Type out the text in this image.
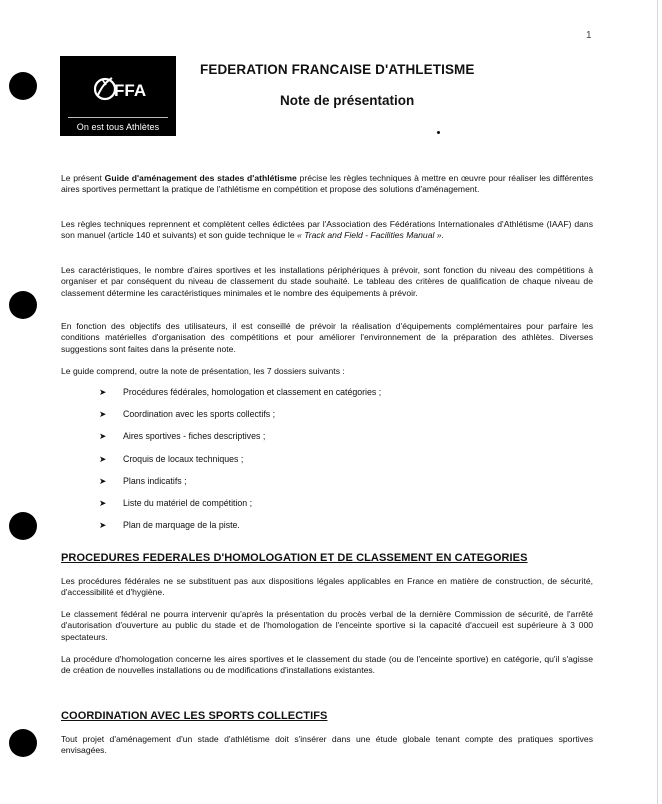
1
FFA
On est tous Athlètes
FEDERATION FRANCAISE D'ATHLETISME
Note de présentation

Le présent Guide d'aménagement des stades d'athlétisme précise les règles techniques à mettre en œuvre pour réaliser les différentes aires sportives permettant la pratique de l'athlétisme en compétition et propose des solutions d'aménagement.

Les règles techniques reprennent et complètent celles édictées par l'Association des Fédérations Internationales d'Athlétisme (IAAF) dans son manuel (article 140 et suivants) et son guide technique le « Track and Field - Facilities Manual ».

Les caractéristiques, le nombre d'aires sportives et les installations périphériques à prévoir, sont fonction du niveau des compétitions à organiser et par conséquent du niveau de classement du stade souhaité. Le tableau des critères de qualification de chaque niveau de classement détermine les caractéristiques minimales et le nombre des équipements à prévoir.

En fonction des objectifs des utilisateurs, il est conseillé de prévoir la réalisation d'équipements complémentaires pour parfaire les conditions matérielles d'organisation des compétitions et pour améliorer l'environnement de la préparation des athlètes. Diverses suggestions sont faites dans la présente note.

Le guide comprend, outre la note de présentation, les 7 dossiers suivants :

➤ Procédures fédérales, homologation et classement en catégories ;
➤ Coordination avec les sports collectifs ;
➤ Aires sportives - fiches descriptives ;
➤ Croquis de locaux techniques ;
➤ Plans indicatifs ;
➤ Liste du matériel de compétition ;
➤ Plan de marquage de la piste.
PROCEDURES FEDERALES D'HOMOLOGATION ET DE CLASSEMENT EN CATEGORIES

Les procédures fédérales ne se substituent pas aux dispositions légales applicables en France en matière de construction, de sécurité, d'accessibilité et d'hygiène.

Le classement fédéral ne pourra intervenir qu'après la présentation du procès verbal de la dernière Commission de sécurité, de l'arrêté d'autorisation d'ouverture au public du stade et de l'homologation de l'enceinte sportive si la capacité d'accueil est supérieure à 3 000 spectateurs.

La procédure d'homologation concerne les aires sportives et le classement du stade (ou de l'enceinte sportive) en catégorie, qu'il s'agisse de création de nouvelles installations ou de modifications d'installations existantes.

COORDINATION AVEC LES SPORTS COLLECTIFS

Tout projet d'aménagement d'un stade d'athlétisme doit s'insérer dans une étude globale tenant compte des pratiques sportives envisagées.
